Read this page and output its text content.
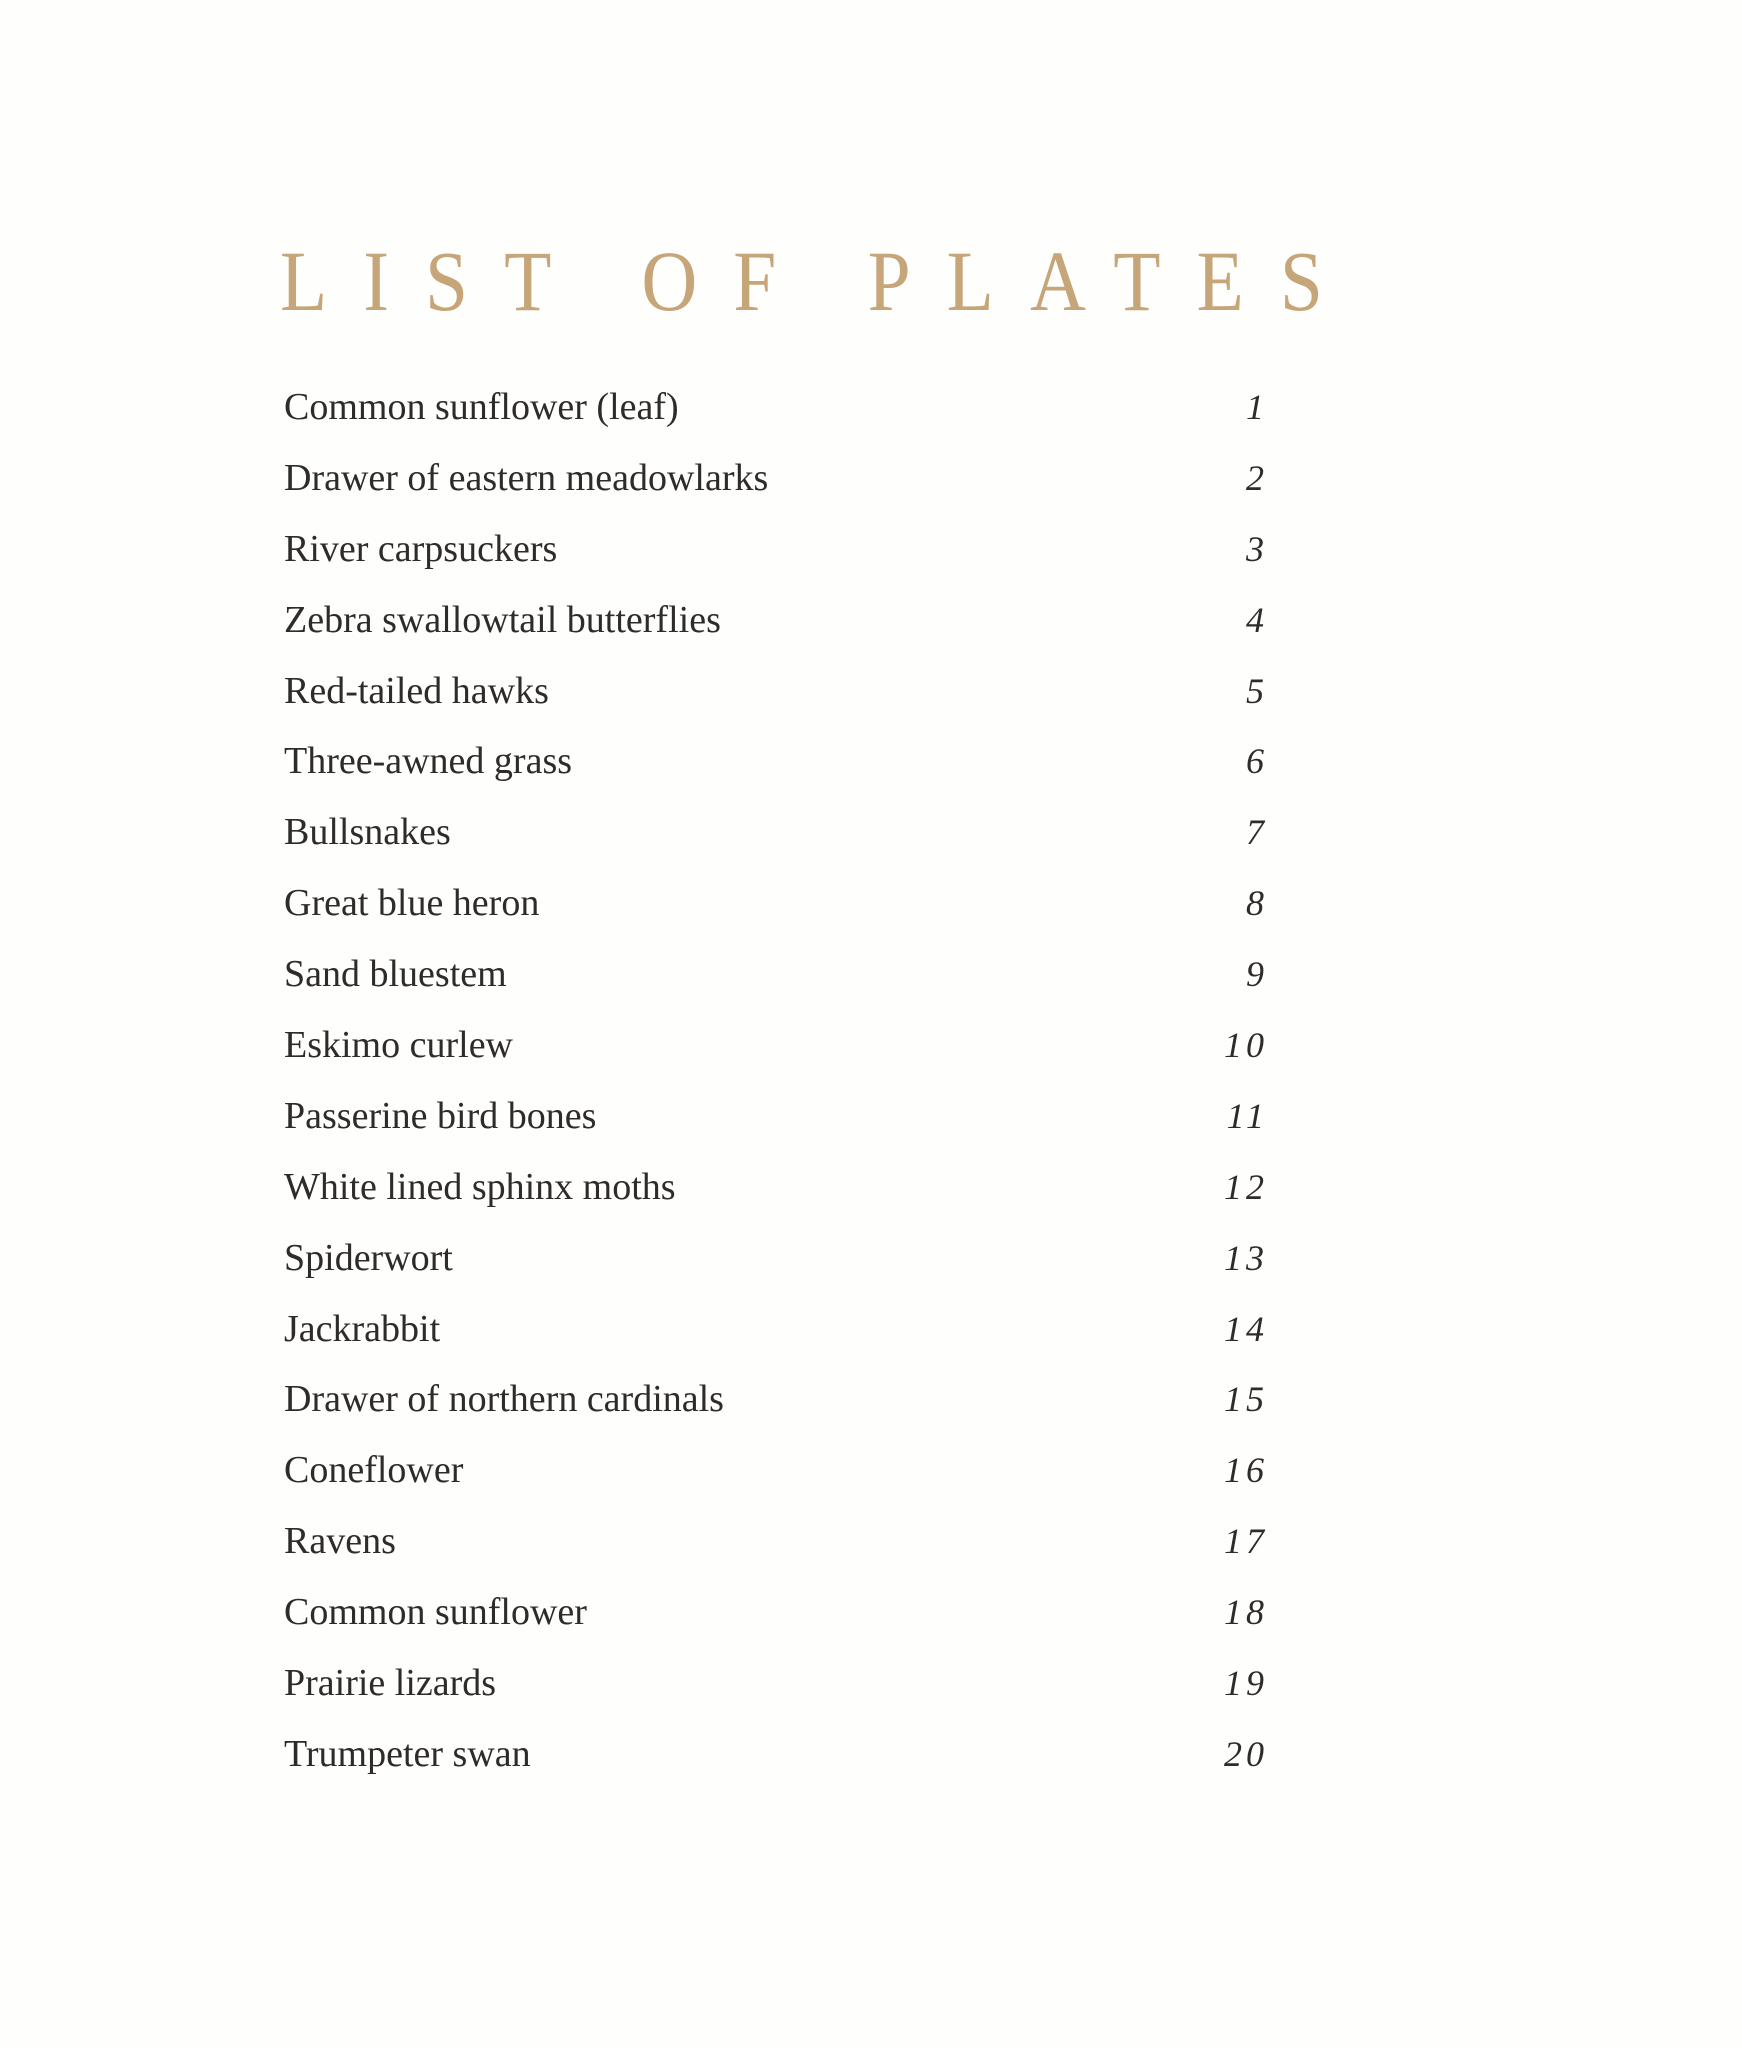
LIST OF PLATES
Common sunflower (leaf)	1
Drawer of eastern meadowlarks	2
River carpsuckers	3
Zebra swallowtail butterflies	4
Red-tailed hawks	5
Three-awned grass	6
Bullsnakes	7
Great blue heron	8
Sand bluestem	9
Eskimo curlew	10
Passerine bird bones	11
White lined sphinx moths	12
Spiderwort	13
Jackrabbit	14
Drawer of northern cardinals	15
Coneflower	16
Ravens	17
Common sunflower	18
Prairie lizards	19
Trumpeter swan	20
